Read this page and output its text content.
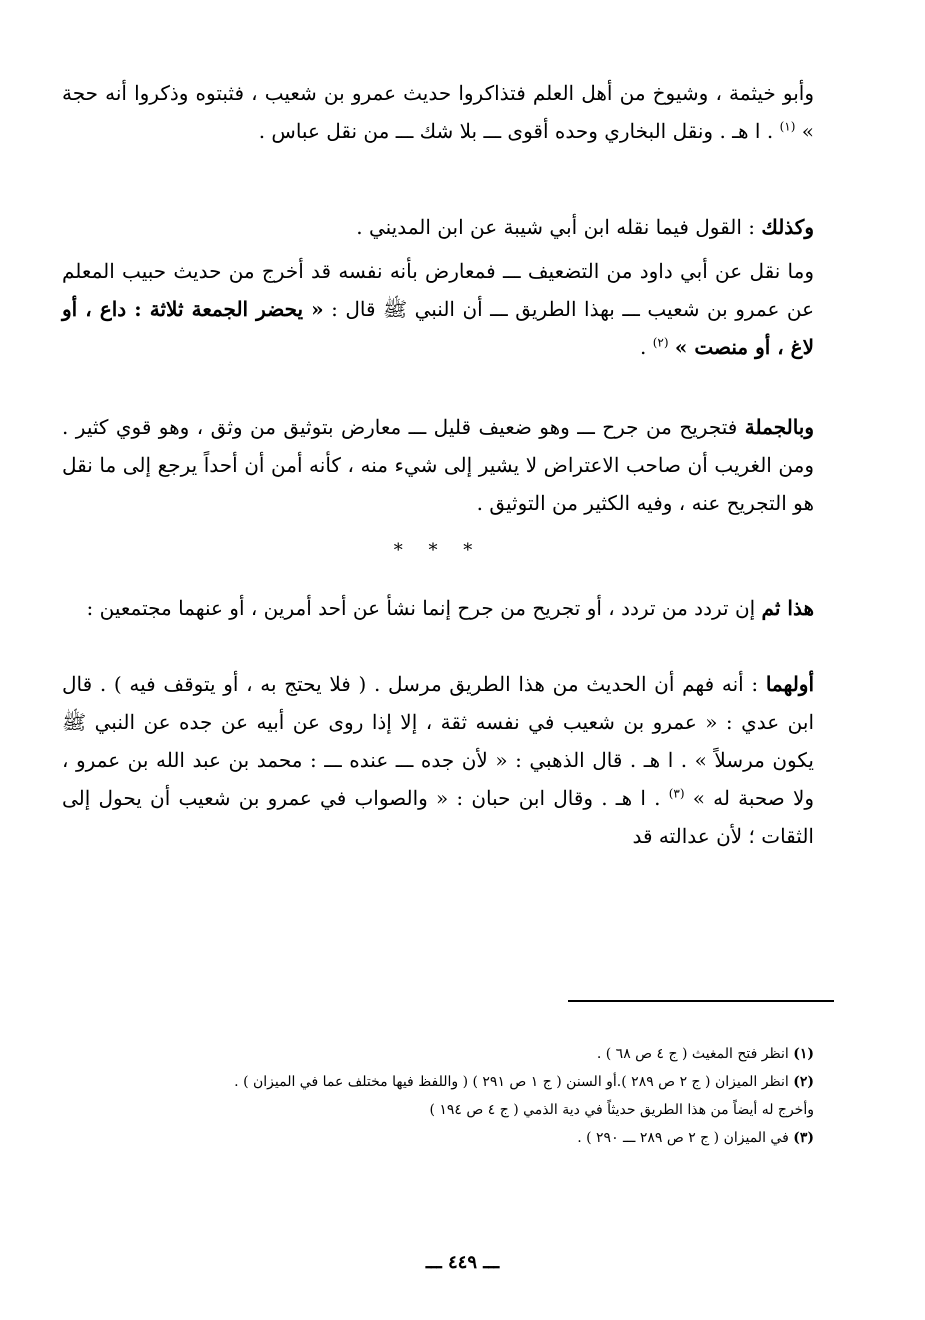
وأبو خيثمة ، وشيوخ من أهل العلم فتذاكروا حديث عمرو بن شعيب ، فثبتوه وذكروا أنه حجة » $^{(١)}$ . ا هـ . ونقل البخاري وحده أقوى ـــ بلا شك ـــ من نقل عباس .

وكذلك : القول فيما نقله ابن أبي شيبة عن ابن المديني .

وما نقل عن أبي داود من التضعيف ـــ فمعارض بأنه نفسه قد أخرج من حديث حبيب المعلم عن عمرو بن شعيب ـــ بهذا الطريق ـــ أن النبي ﷺ قال : « يحضر الجمعة ثلاثة : داع ، أو لاغ ، أو منصت » $^{(٢)}$ .

وبالجملة فتجريح من جرح ـــ وهو ضعيف قليل ـــ معارض بتوثيق من وثق ، وهو قوي كثير . ومن الغريب أن صاحب الاعتراض لا يشير إلى شيء منه ، كأنه أمن أن أحداً يرجع إلى ما نقل هو التجريح عنه ، وفيه الكثير من التوثيق .

* * *

هذا ثم إن تردد من تردد ، أو تجريح من جرح إنما نشأ عن أحد أمرين ، أو عنهما مجتمعين :

أولهما : أنه فهم أن الحديث من هذا الطريق مرسل . ( فلا يحتج به ، أو يتوقف فيه ) . قال ابن عدي : « عمرو بن شعيب في نفسه ثقة ، إلا إذا روى عن أبيه عن جده عن النبي ﷺ يكون مرسلاً » . ا هـ . قال الذهبي : « لأن جده ـــ عنده ـــ : محمد بن عبد الله بن عمرو ، ولا صحبة له » $^{(٣)}$ . ا هـ . وقال ابن حبان : « والصواب في عمرو بن شعيب أن يحول إلى الثقات ؛ لأن عدالته قد

(١) انظر فتح المغيث ( ج ٤ ص ٦٨ ) .

(٢) انظر الميزان ( ج ٢ ص ٢٨٩ ).أو السنن ( ج ١ ص ٢٩١ ) ( واللفظ فيها مختلف عما في الميزان ) .

وأخرج له أيضاً من هذا الطريق حديثاً في دية الذمي ( ج ٤ ص ١٩٤ )

(٣) في الميزان ( ج ٢ ص ٢٨٩ ـــ ٢٩٠ ) .

ـــ ٤٤٩ ـــ
